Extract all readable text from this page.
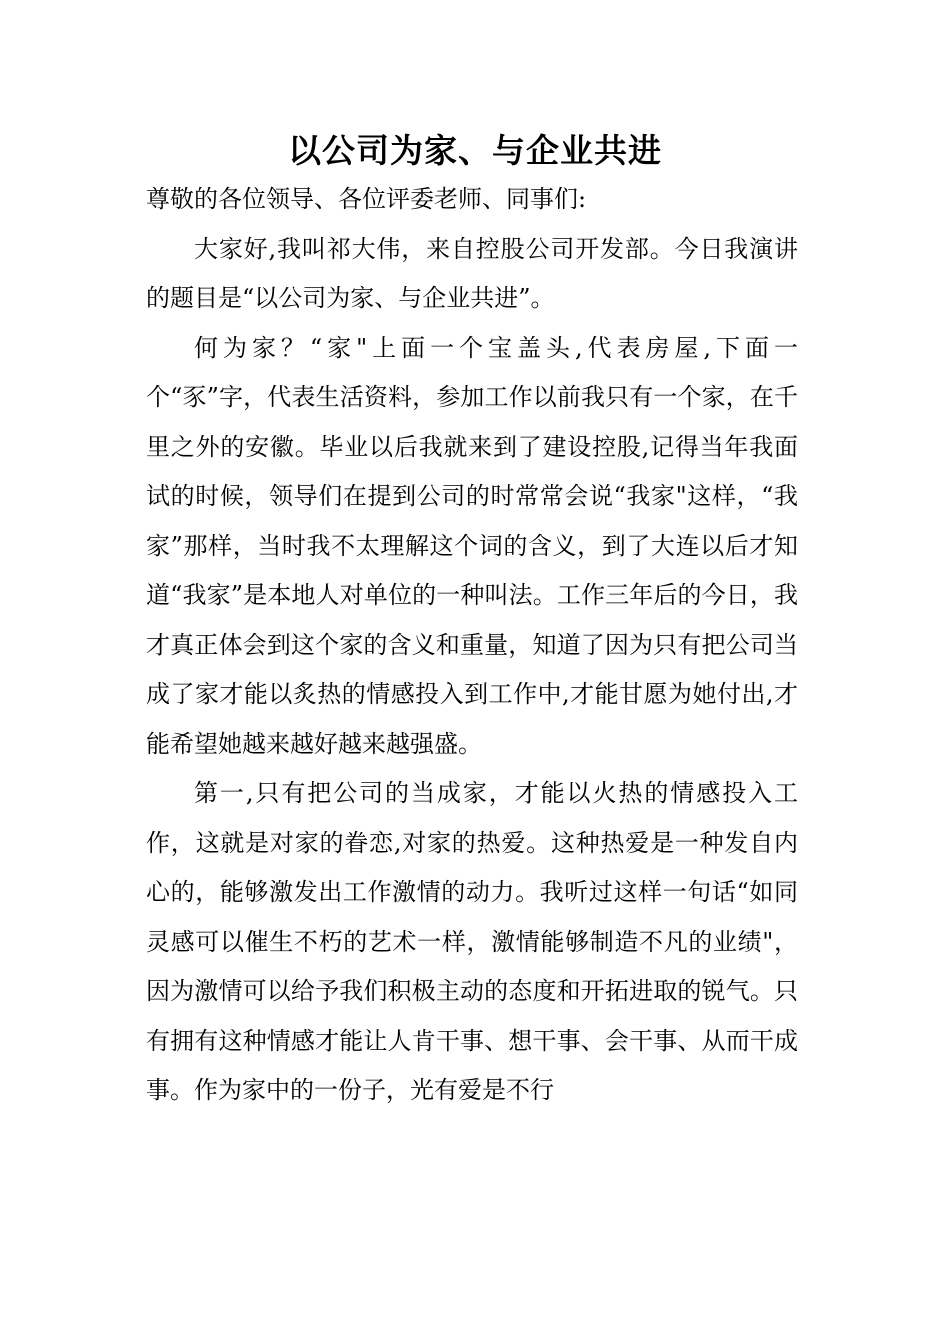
以公司为家、与企业共进

尊敬的各位领导、各位评委老师、同事们:

大家好,我叫祁大伟，来自控股公司开发部。今日我演讲的题目是“以公司为家、与企业共进”。

何为家？“家"上面一个宝盖头,代表房屋,下面一个“豕”字，代表生活资料，参加工作以前我只有一个家，在千里之外的安徽。毕业以后我就来到了建设控股,记得当年我面试的时候，领导们在提到公司的时常常会说“我家"这样，“我家”那样，当时我不太理解这个词的含义，到了大连以后才知道“我家”是本地人对单位的一种叫法。工作三年后的今日，我才真正体会到这个家的含义和重量，知道了因为只有把公司当成了家才能以炙热的情感投入到工作中,才能甘愿为她付出,才能希望她越来越好越来越强盛。

第一,只有把公司的当成家，才能以火热的情感投入工作，这就是对家的眷恋,对家的热爱。这种热爱是一种发自内心的，能够激发出工作激情的动力。我听过这样一句话“如同灵感可以催生不朽的艺术一样，激情能够制造不凡的业绩"，因为激情可以给予我们积极主动的态度和开拓进取的锐气。只有拥有这种情感才能让人肯干事、想干事、会干事、从而干成事。作为家中的一份子，光有爱是不行
